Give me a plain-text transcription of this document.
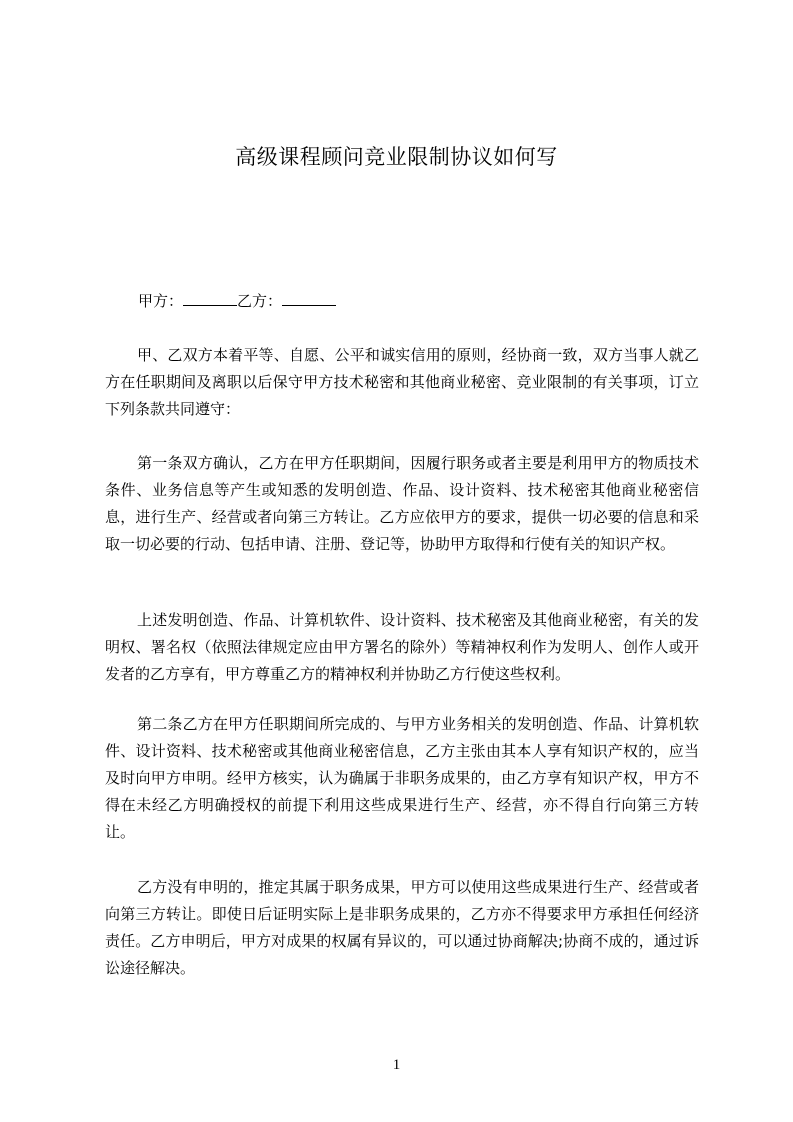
高级课程顾问竞业限制协议如何写
甲方：	乙方：

甲、乙双方本着平等、自愿、公平和诚实信用的原则，经协商一致，双方当事人就乙方在任职期间及离职以后保守甲方技术秘密和其他商业秘密、竞业限制的有关事项，订立下列条款共同遵守：

第一条双方确认，乙方在甲方任职期间，因履行职务或者主要是利用甲方的物质技术条件、业务信息等产生或知悉的发明创造、作品、设计资料、技术秘密其他商业秘密信息，进行生产、经营或者向第三方转让。乙方应依甲方的要求，提供一切必要的信息和采取一切必要的行动、包括申请、注册、登记等，协助甲方取得和行使有关的知识产权。

上述发明创造、作品、计算机软件、设计资料、技术秘密及其他商业秘密，有关的发明权、署名权（依照法律规定应由甲方署名的除外）等精神权利作为发明人、创作人或开发者的乙方享有，甲方尊重乙方的精神权利并协助乙方行使这些权利。

第二条乙方在甲方任职期间所完成的、与甲方业务相关的发明创造、作品、计算机软件、设计资料、技术秘密或其他商业秘密信息，乙方主张由其本人享有知识产权的，应当及时向甲方申明。经甲方核实，认为确属于非职务成果的，由乙方享有知识产权，甲方不得在未经乙方明确授权的前提下利用这些成果进行生产、经营，亦不得自行向第三方转让。

乙方没有申明的，推定其属于职务成果，甲方可以使用这些成果进行生产、经营或者向第三方转让。即使日后证明实际上是非职务成果的，乙方亦不得要求甲方承担任何经济责任。乙方申明后，甲方对成果的权属有异议的，可以通过协商解决;协商不成的，通过诉讼途径解决。

1
